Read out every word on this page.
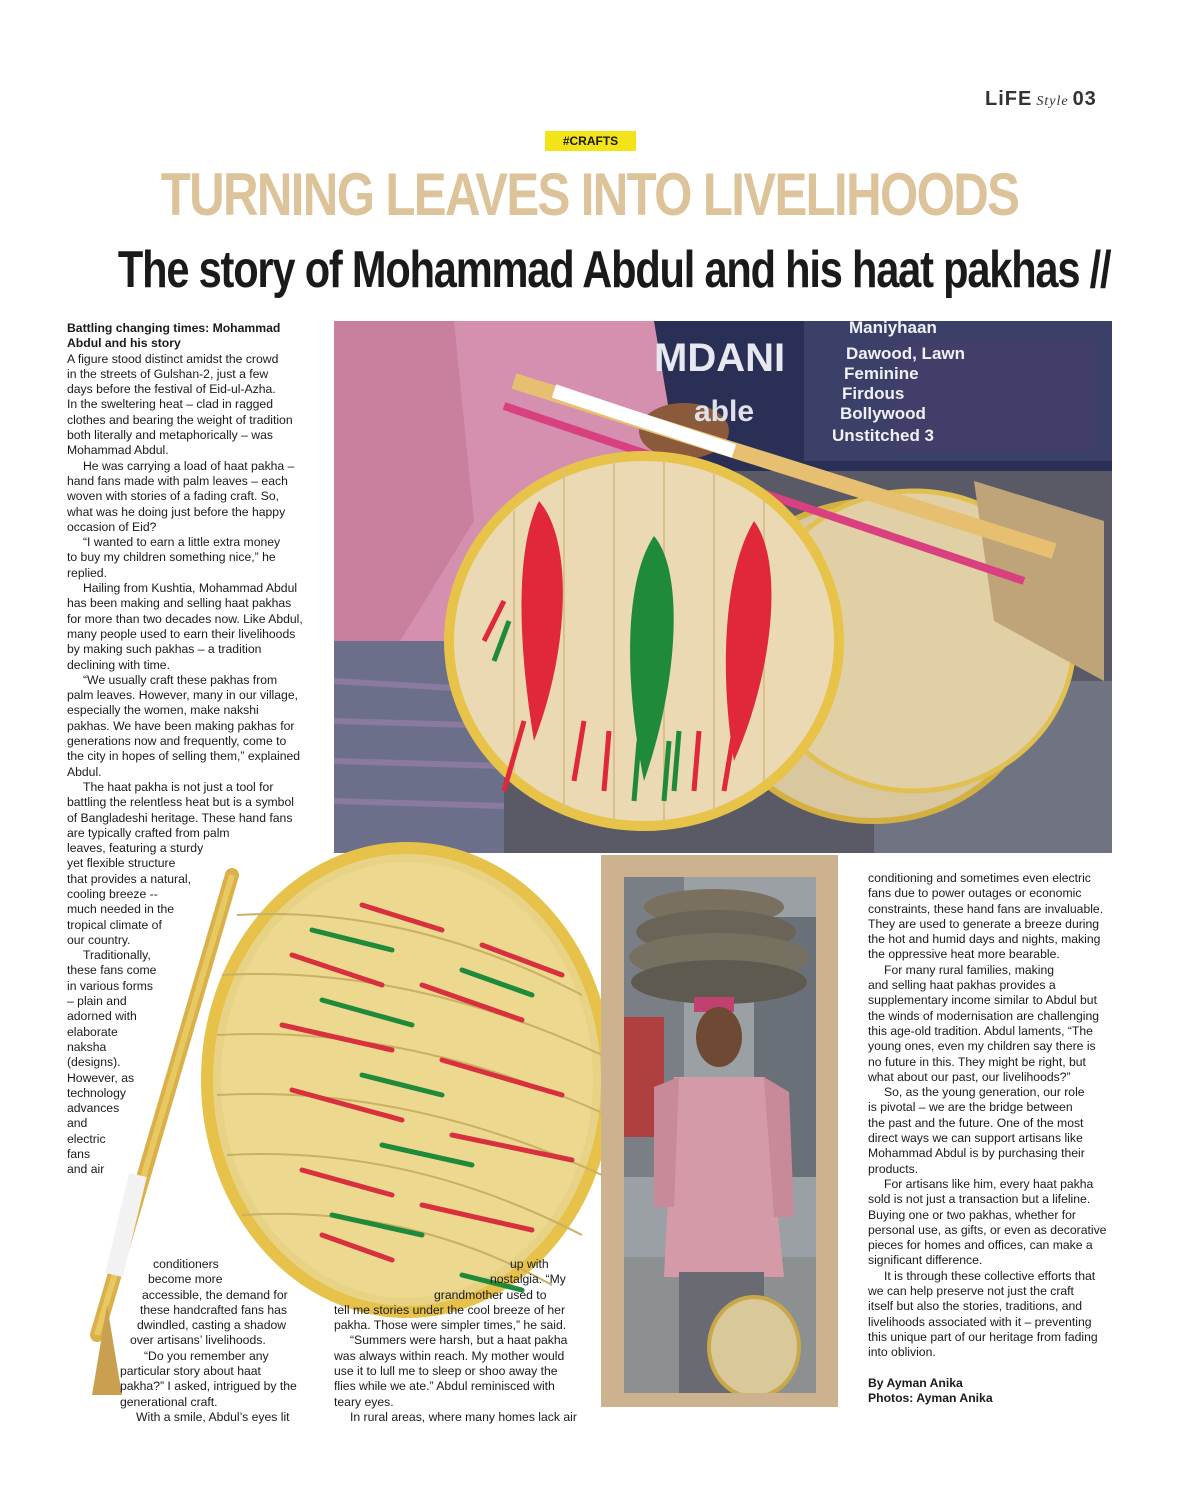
LiFE Style 03
#CRAFTS
TURNING LEAVES INTO LIVELIHOODS
The story of Mohammad Abdul and his haat pakhas //
MDANI
able
Maniyhaan
Dawood, Lawn
Feminine
Firdous
Bollywood
Unstitched 3
Battling changing times: Mohammad Abdul and his story
A figure stood distinct amidst the crowd
in the streets of Gulshan-2, just a few
days before the festival of Eid-ul-Azha.
In the sweltering heat – clad in ragged
clothes and bearing the weight of tradition
both literally and metaphorically – was
Mohammad Abdul.
He was carrying a load of haat pakha –
hand fans made with palm leaves – each
woven with stories of a fading craft. So,
what was he doing just before the happy
occasion of Eid?
“I wanted to earn a little extra money
to buy my children something nice,” he
replied.
Hailing from Kushtia, Mohammad Abdul
has been making and selling haat pakhas
for more than two decades now. Like Abdul,
many people used to earn their livelihoods
by making such pakhas – a tradition
declining with time.
“We usually craft these pakhas from
palm leaves. However, many in our village,
especially the women, make nakshi
pakhas. We have been making pakhas for
generations now and frequently, come to
the city in hopes of selling them,” explained
Abdul.
The haat pakha is not just a tool for
battling the relentless heat but is a symbol
of Bangladeshi heritage. These hand fans
are typically crafted from palm
leaves, featuring a sturdy
yet flexible structure
that provides a natural,
cooling breeze --
much needed in the
tropical climate of
our country.
Traditionally,
these fans come
in various forms
– plain and
adorned with
elaborate
naksha
(designs).
However, as
technology
advances
and
electric
fans
and air
conditioners
become more
accessible, the demand for
these handcrafted fans has
dwindled, casting a shadow
over artisans’ livelihoods.
“Do you remember any
particular story about haat
pakha?” I asked, intrigued by the
generational craft.
With a smile, Abdul’s eyes lit
up with
nostalgia. “My
grandmother used to
tell me stories under the cool breeze of her
pakha. Those were simpler times,” he said.
“Summers were harsh, but a haat pakha
was always within reach. My mother would
use it to lull me to sleep or shoo away the
flies while we ate.” Abdul reminisced with
teary eyes.
In rural areas, where many homes lack air
conditioning and sometimes even electric
fans due to power outages or economic
constraints, these hand fans are invaluable.
They are used to generate a breeze during
the hot and humid days and nights, making
the oppressive heat more bearable.
For many rural families, making
and selling haat pakhas provides a
supplementary income similar to Abdul but
the winds of modernisation are challenging
this age-old tradition. Abdul laments, “The
young ones, even my children say there is
no future in this. They might be right, but
what about our past, our livelihoods?”
So, as the young generation, our role
is pivotal – we are the bridge between
the past and the future. One of the most
direct ways we can support artisans like
Mohammad Abdul is by purchasing their
products.
For artisans like him, every haat pakha
sold is not just a transaction but a lifeline.
Buying one or two pakhas, whether for
personal use, as gifts, or even as decorative
pieces for homes and offices, can make a
significant difference.
It is through these collective efforts that
we can help preserve not just the craft
itself but also the stories, traditions, and
livelihoods associated with it – preventing
this unique part of our heritage from fading
into oblivion.
By Ayman Anika
Photos: Ayman Anika
